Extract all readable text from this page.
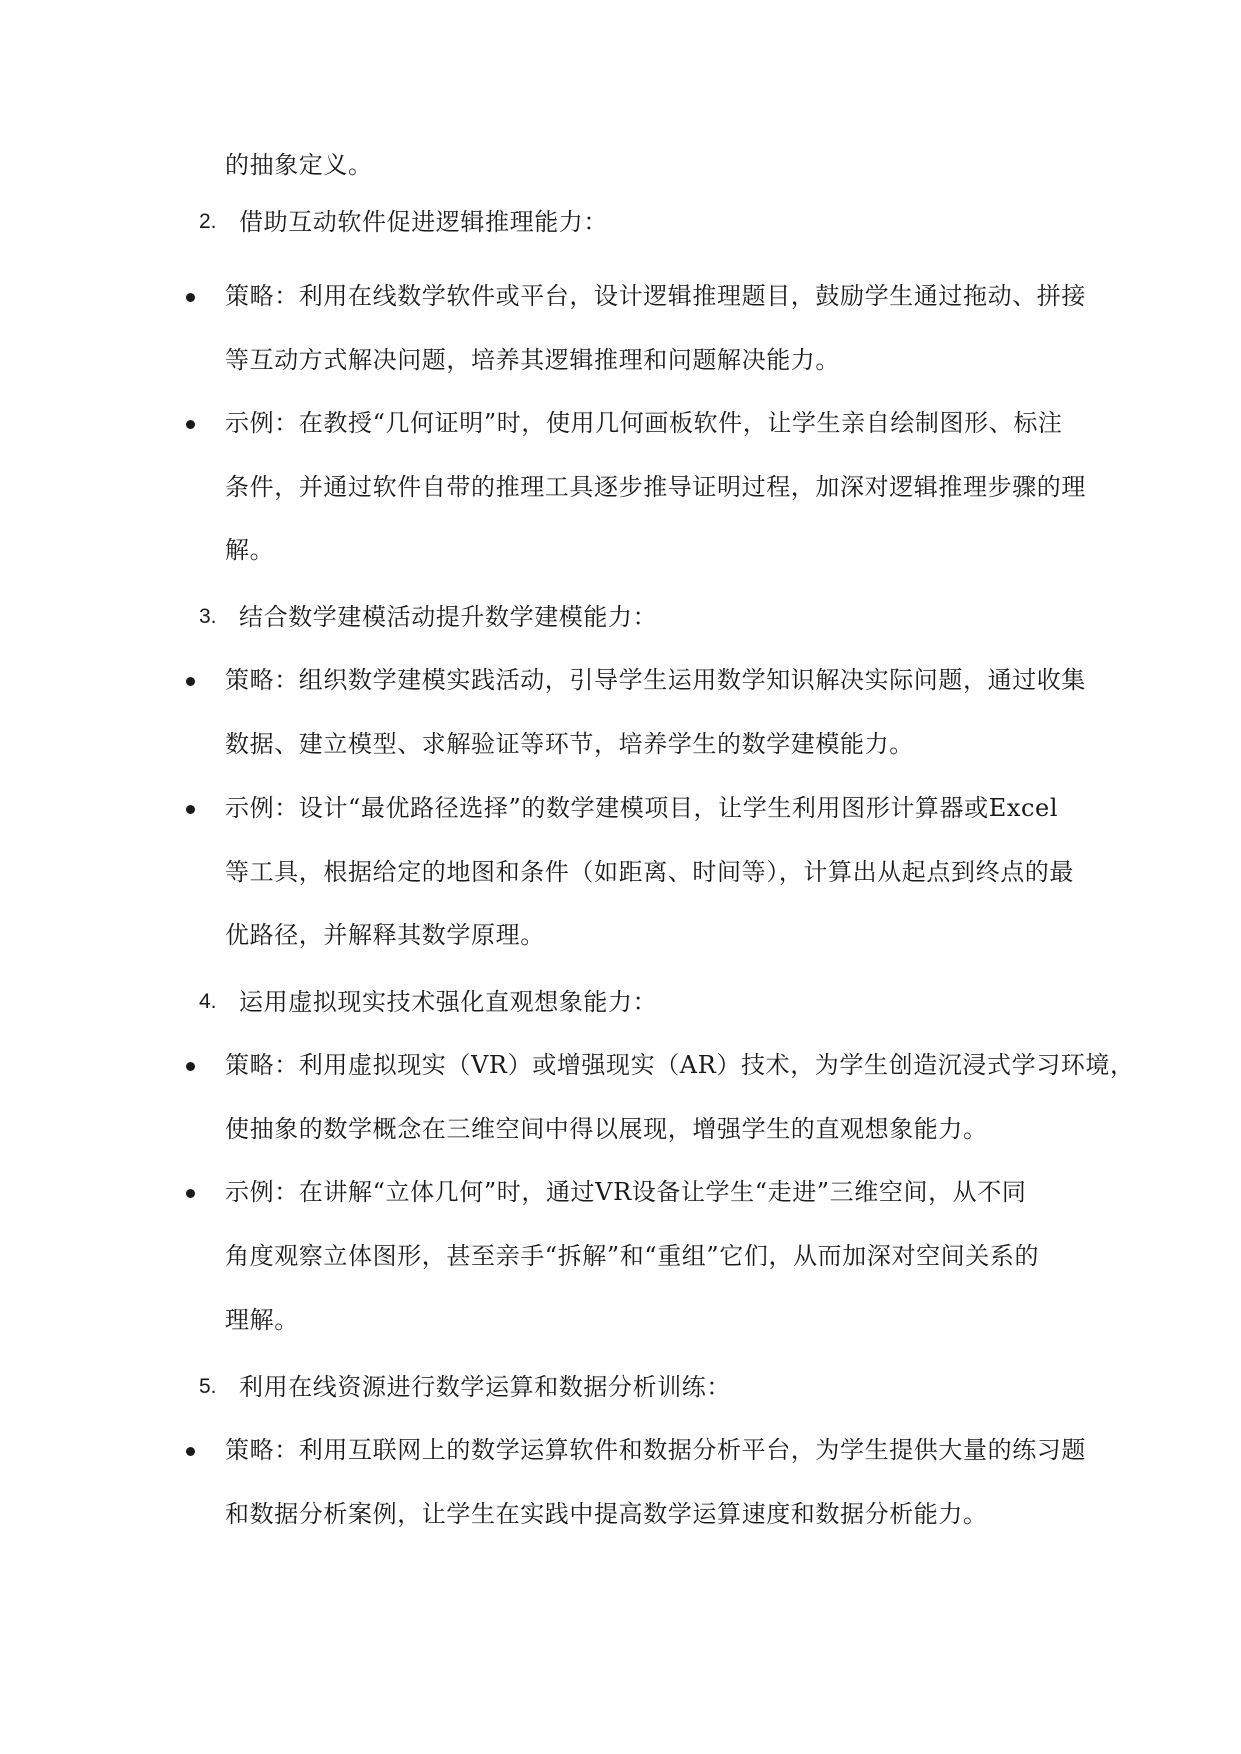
的抽象定义。
2. 借助互动软件促进逻辑推理能力：
策略：利用在线数学软件或平台，设计逻辑推理题目，鼓励学生通过拖动、拼接
等互动方式解决问题，培养其逻辑推理和问题解决能力。
示例：在教授“几何证明”时，使用几何画板软件，让学生亲自绘制图形、标注
条件，并通过软件自带的推理工具逐步推导证明过程，加深对逻辑推理步骤的理
解。
3. 结合数学建模活动提升数学建模能力：
策略：组织数学建模实践活动，引导学生运用数学知识解决实际问题，通过收集
数据、建立模型、求解验证等环节，培养学生的数学建模能力。
示例：设计“最优路径选择”的数学建模项目，让学生利用图形计算器或Excel
等工具，根据给定的地图和条件（如距离、时间等），计算出从起点到终点的最
优路径，并解释其数学原理。
4. 运用虚拟现实技术强化直观想象能力：
策略：利用虚拟现实（VR）或增强现实（AR）技术，为学生创造沉浸式学习环境，
使抽象的数学概念在三维空间中得以展现，增强学生的直观想象能力。
示例：在讲解“立体几何”时，通过VR设备让学生“走进”三维空间，从不同
角度观察立体图形，甚至亲手“拆解”和“重组”它们，从而加深对空间关系的
理解。
5. 利用在线资源进行数学运算和数据分析训练：
策略：利用互联网上的数学运算软件和数据分析平台，为学生提供大量的练习题
和数据分析案例，让学生在实践中提高数学运算速度和数据分析能力。
